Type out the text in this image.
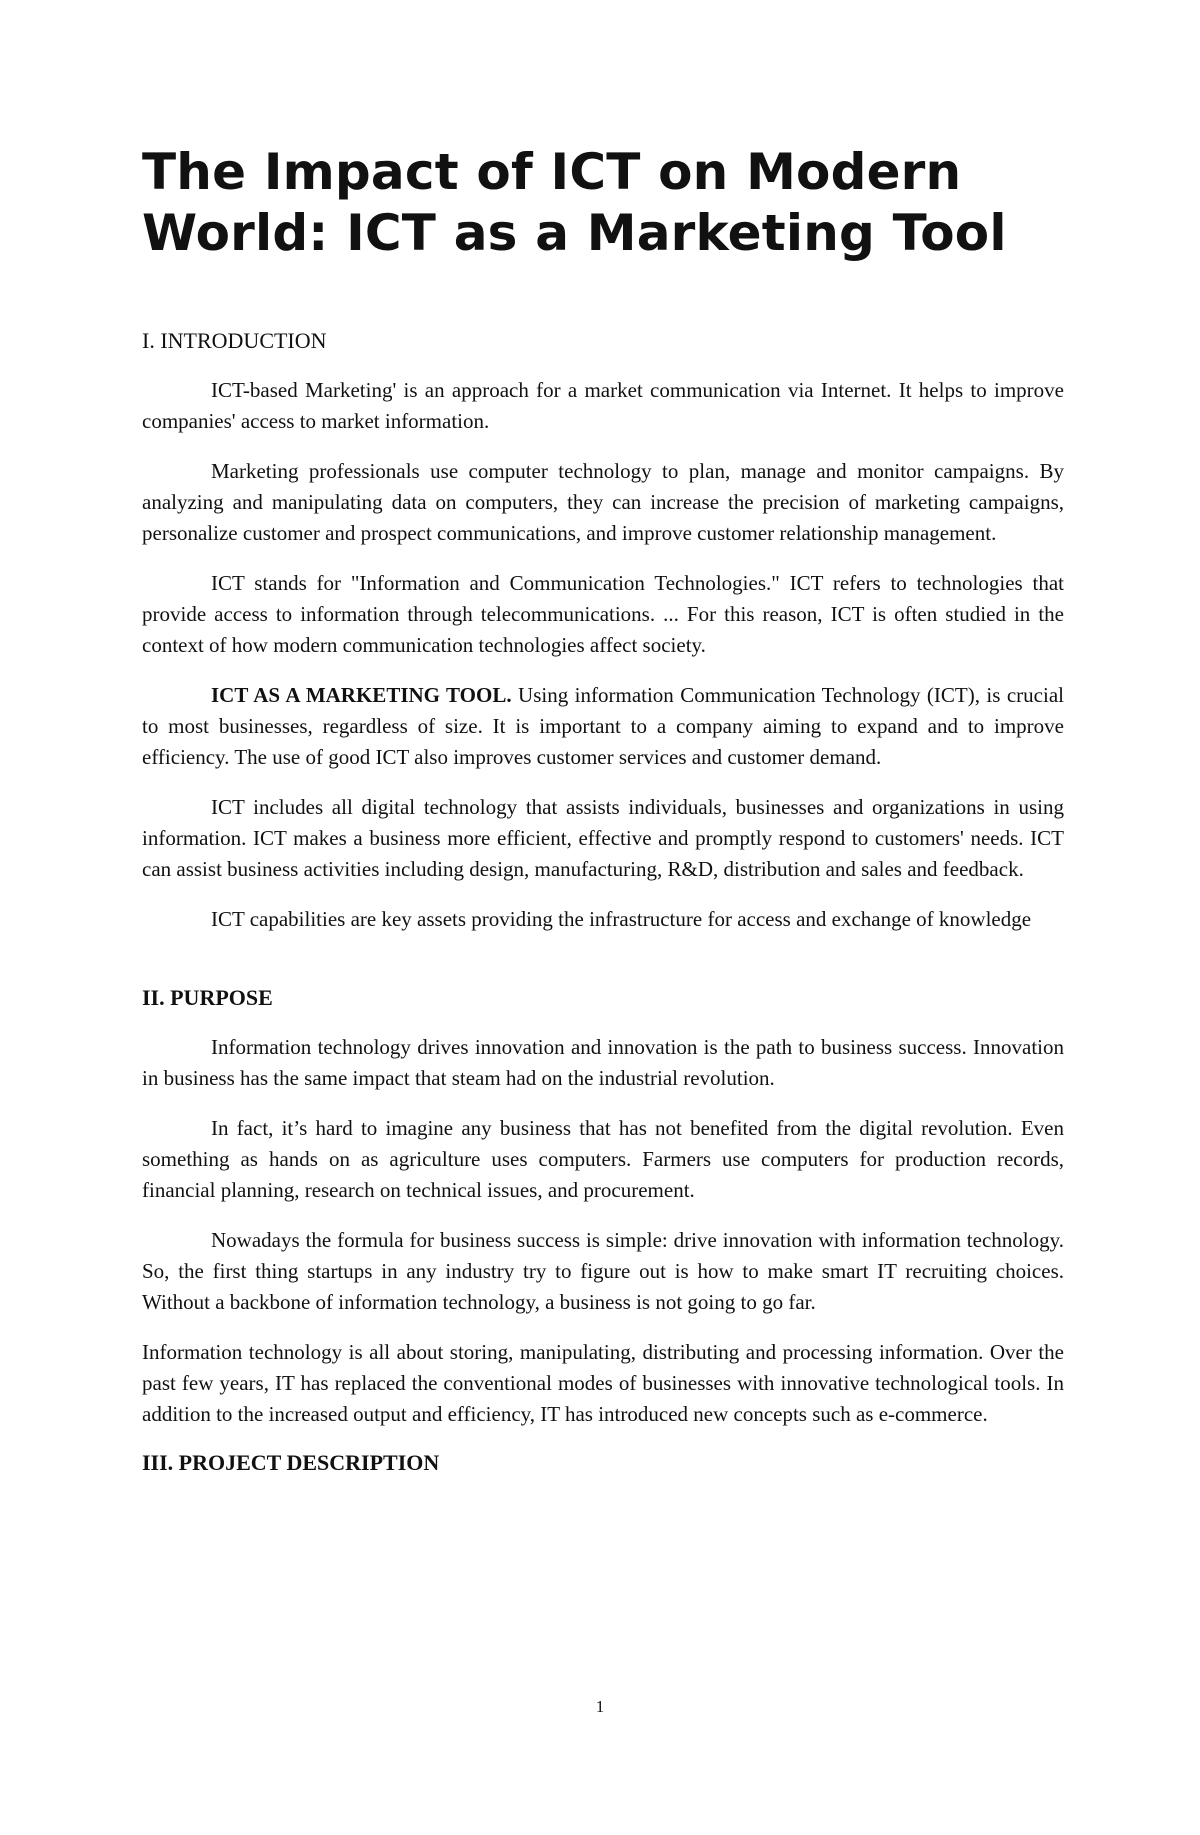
The Impact of ICT on Modern
World: ICT as a Marketing Tool
I. INTRODUCTION

ICT-based Marketing' is an approach for a market communication via Internet. It helps to improve companies' access to market information.

Marketing professionals use computer technology to plan, manage and monitor campaigns. By analyzing and manipulating data on computers, they can increase the precision of marketing campaigns, personalize customer and prospect communications, and improve customer relationship management.

ICT stands for "Information and Communication Technologies." ICT refers to technologies that provide access to information through telecommunications. ... For this reason, ICT is often studied in the context of how modern communication technologies affect society.

ICT AS A MARKETING TOOL. Using information Communication Technology (ICT), is crucial to most businesses, regardless of size. It is important to a company aiming to expand and to improve efficiency. The use of good ICT also improves customer services and customer demand.

ICT includes all digital technology that assists individuals, businesses and organizations in using information. ICT makes a business more efficient, effective and promptly respond to customers' needs. ICT can assist business activities including design, manufacturing, R&D, distribution and sales and feedback.

ICT capabilities are key assets providing the infrastructure for access and exchange of knowledge

II. PURPOSE

Information technology drives innovation and innovation is the path to business success. Innovation in business has the same impact that steam had on the industrial revolution.

In fact, it’s hard to imagine any business that has not benefited from the digital revolution. Even something as hands on as agriculture uses computers. Farmers use computers for production records, financial planning, research on technical issues, and procurement.

Nowadays the formula for business success is simple: drive innovation with information technology. So, the first thing startups in any industry try to figure out is how to make smart IT recruiting choices. Without a backbone of information technology, a business is not going to go far.

Information technology is all about storing, manipulating, distributing and processing information. Over the past few years, IT has replaced the conventional modes of businesses with innovative technological tools. In addition to the increased output and efficiency, IT has introduced new concepts such as e-commerce.

III. PROJECT DESCRIPTION
1
